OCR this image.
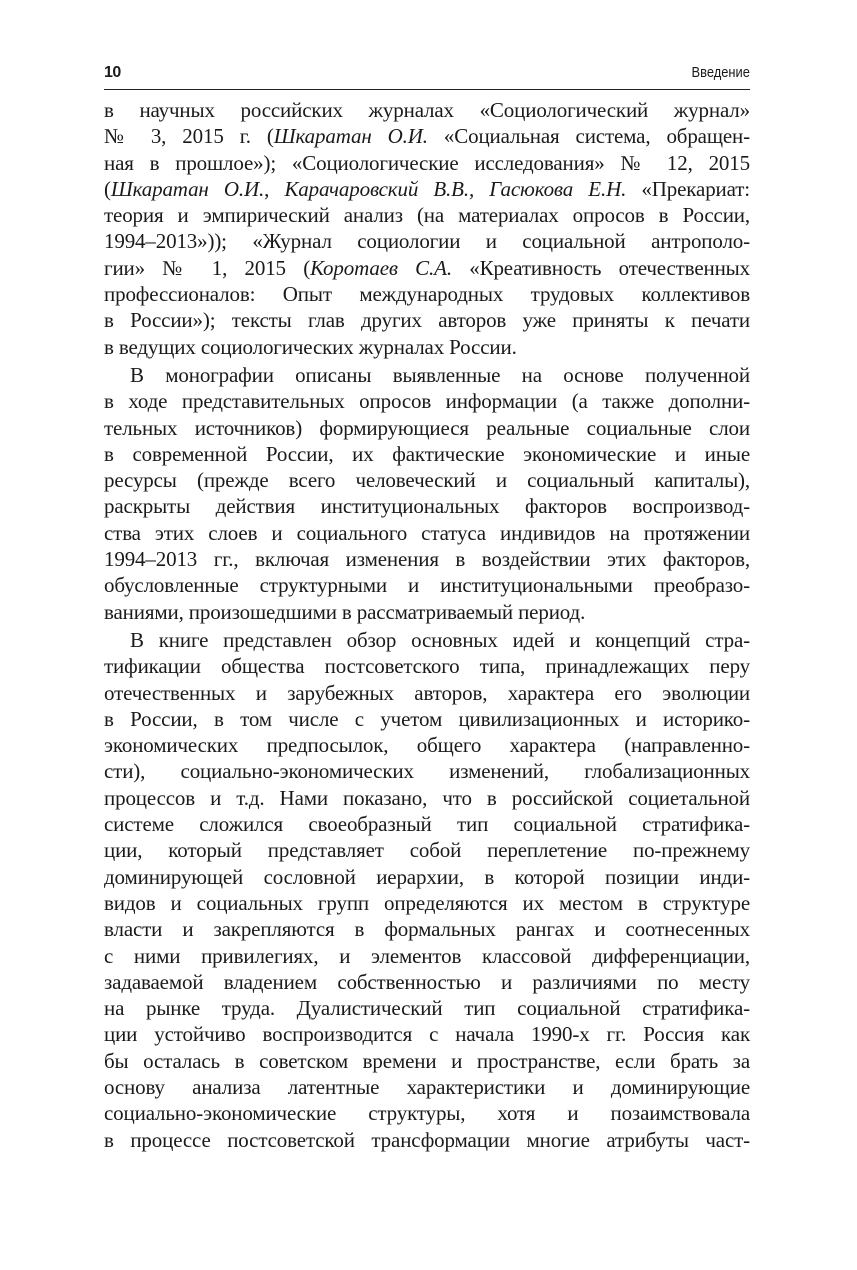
10	Введение
в научных российских журналах «Социологический журнал»
№ 3, 2015 г. (Шкаратан О.И. «Социальная система, обращен-
ная в прошлое»); «Социологические исследования» № 12, 2015
(Шкаратан О.И., Карачаровский В.В., Гасюкова Е.Н. «Прекариат:
теория и эмпирический анализ (на материалах опросов в России,
1994–2013»)); «Журнал социологии и социальной антрополо-
гии» № 1, 2015 (Коротаев С.А. «Креативность отечественных
профессионалов: Опыт международных трудовых коллективов
в России»); тексты глав других авторов уже приняты к печати
в ведущих социологических журналах России.
В монографии описаны выявленные на основе полученной
в ходе представительных опросов информации (а также дополни-
тельных источников) формирующиеся реальные социальные слои
в современной России, их фактические экономические и иные
ресурсы (прежде всего человеческий и социальный капиталы),
раскрыты действия институциональных факторов воспроизвод-
ства этих слоев и социального статуса индивидов на протяжении
1994–2013 гг., включая изменения в воздействии этих факторов,
обусловленные структурными и институциональными преобразо-
ваниями, произошедшими в рассматриваемый период.
В книге представлен обзор основных идей и концепций стра-
тификации общества постсоветского типа, принадлежащих перу
отечественных и зарубежных авторов, характера его эволюции
в России, в том числе с учетом цивилизационных и историко-
экономических предпосылок, общего характера (направленно-
сти), социально-экономических изменений, глобализационных
процессов и т.д. Нами показано, что в российской социетальной
системе сложился своеобразный тип социальной стратифика-
ции, который представляет собой переплетение по-прежнему
доминирующей сословной иерархии, в которой позиции инди-
видов и социальных групп определяются их местом в структуре
власти и закрепляются в формальных рангах и соотнесенных
с ними привилегиях, и элементов классовой дифференциации,
задаваемой владением собственностью и различиями по месту
на рынке труда. Дуалистический тип социальной стратифика-
ции устойчиво воспроизводится с начала 1990-х гг. Россия как
бы осталась в советском времени и пространстве, если брать за
основу анализа латентные характеристики и доминирующие
социально-экономические структуры, хотя и позаимствовала
в процессе постсоветской трансформации многие атрибуты част-
